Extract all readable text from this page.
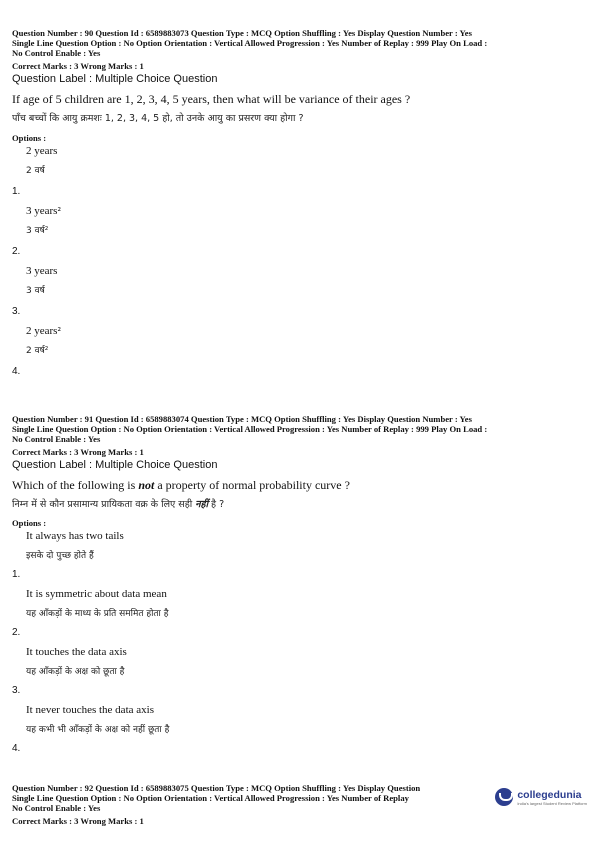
Question Number : 90 Question Id : 6589883073 Question Type : MCQ Option Shuffling : Yes Display Question Number : Yes
Single Line Question Option : No Option Orientation : Vertical Allowed Progression : Yes Number of Replay : 999 Play On Load :
No Control Enable : Yes
Correct Marks : 3 Wrong Marks : 1
Question Label : Multiple Choice Question
If age of 5 children are 1, 2, 3, 4, 5 years, then what will be variance of their ages ?
पाँच बच्चों कि आयु क्रमशः 1, 2, 3, 4, 5 हो, तो उनके आयु का प्रसरण क्या होगा ?
Options :
2 years
2 वर्ष
1.
3 years²
3 वर्ष²
2.
3 years
3 वर्ष
3.
2 years²
2 वर्ष²
4.
Question Number : 91 Question Id : 6589883074 Question Type : MCQ Option Shuffling : Yes Display Question Number : Yes
Single Line Question Option : No Option Orientation : Vertical Allowed Progression : Yes Number of Replay : 999 Play On Load :
No Control Enable : Yes
Correct Marks : 3 Wrong Marks : 1
Question Label : Multiple Choice Question
Which of the following is not a property of normal probability curve ?
निम्न में से कौन प्रसामान्य प्रायिकता वक्र के लिए सही नहीं है ?
Options :
It always has two tails
इसके दो पुच्छ होते हैं
1.
It is symmetric about data mean
यह आँकड़ों के माध्य के प्रति सममित होता है
2.
It touches the data axis
यह आँकड़ों के अक्ष को छूता है
3.
It never touches the data axis
यह कभी भी आँकड़ों के अक्ष को नहीं छूता है
4.
Question Number : 92 Question Id : 6589883075 Question Type : MCQ Option Shuffling : Yes Display Question
Single Line Question Option : No Option Orientation : Vertical Allowed Progression : Yes Number of Replay
No Control Enable : Yes
Correct Marks : 3 Wrong Marks : 1
collegedunia
India's largest Student Review Platform
